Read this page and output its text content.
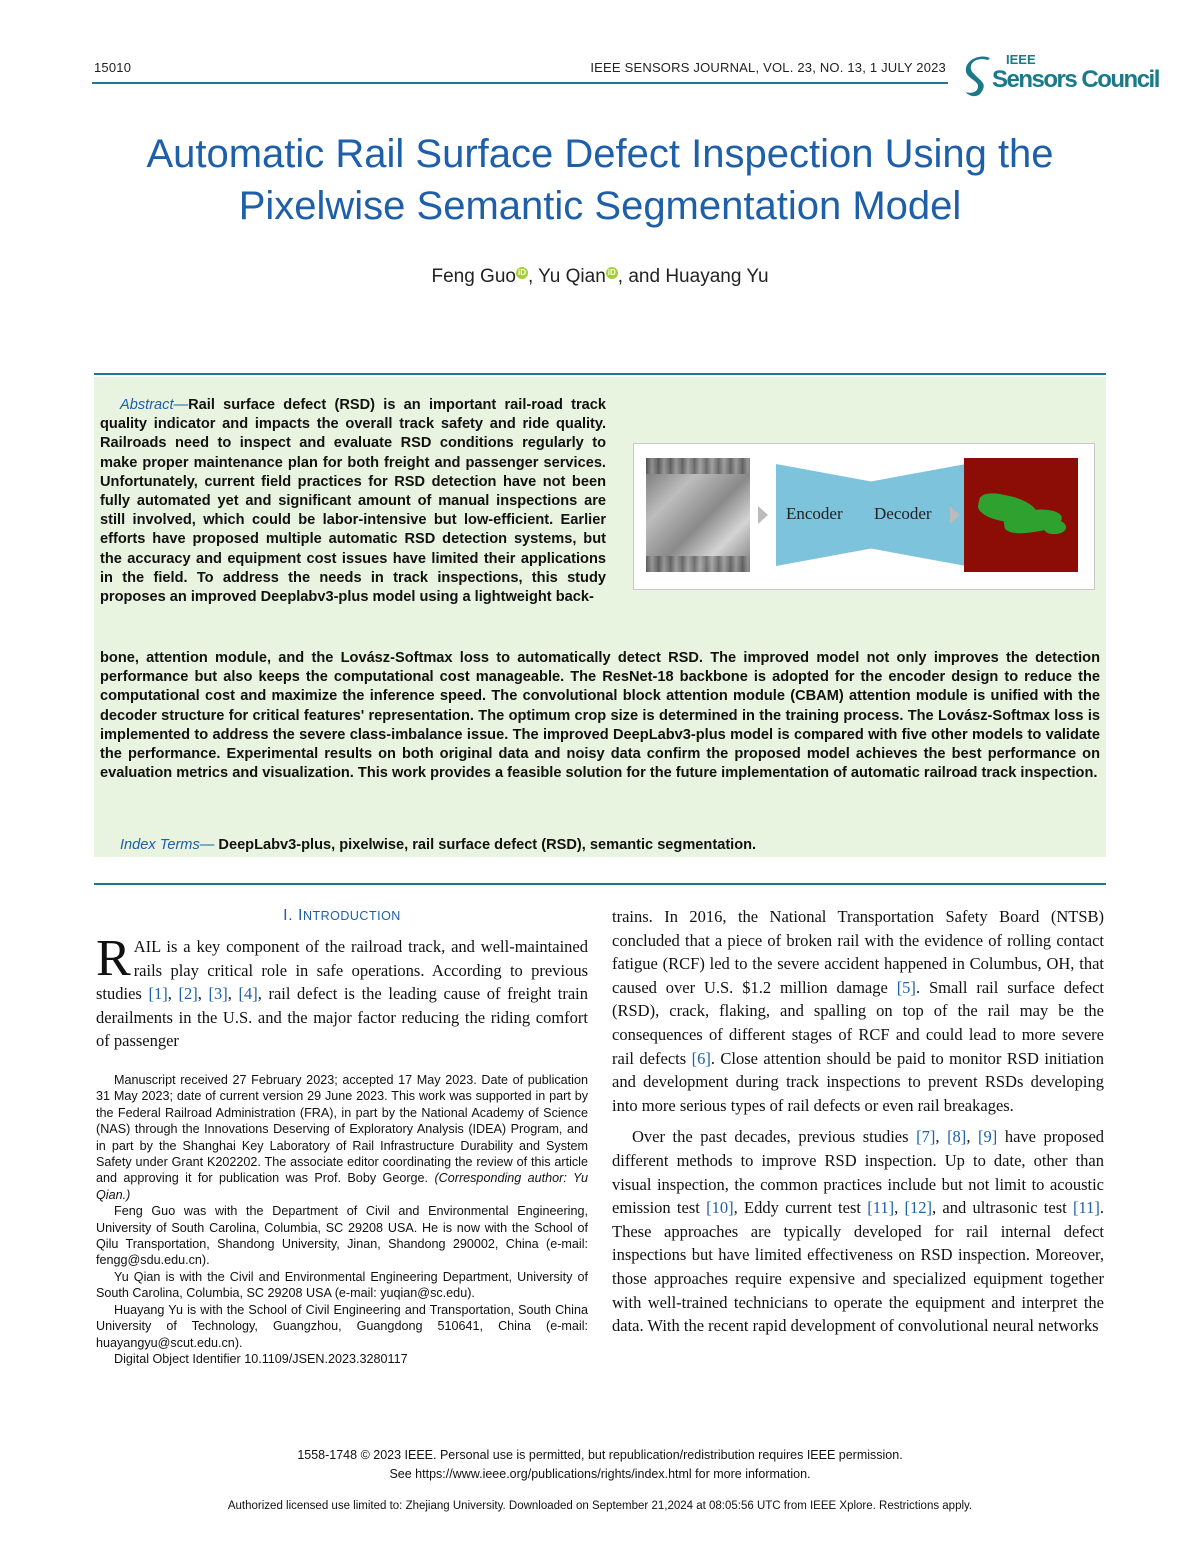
15010	IEEE SENSORS JOURNAL, VOL. 23, NO. 13, 1 JULY 2023
IEEE
Sensors Council
Automatic Rail Surface Defect Inspection Using the Pixelwise Semantic Segmentation Model
Feng Guo iD , Yu Qian iD , and Huayang Yu
Abstract—Rail surface defect (RSD) is an important rail-road track quality indicator and impacts the overall track safety and ride quality. Railroads need to inspect and evaluate RSD conditions regularly to make proper maintenance plan for both freight and passenger services. Unfortunately, current field practices for RSD detection have not been fully automated yet and significant amount of manual inspections are still involved, which could be labor-intensive but low-efficient. Earlier efforts have proposed multiple automatic RSD detection systems, but the accuracy and equipment cost issues have limited their applications in the field. To address the needs in track inspections, this study proposes an improved Deeplabv3-plus model using a lightweight back-
bone, attention module, and the Lovász-Softmax loss to automatically detect RSD. The improved model not only improves the detection performance but also keeps the computational cost manageable. The ResNet-18 backbone is adopted for the encoder design to reduce the computational cost and maximize the inference speed. The convolutional block attention module (CBAM) attention module is unified with the decoder structure for critical features' representation. The optimum crop size is determined in the training process. The Lovász-Softmax loss is implemented to address the severe class-imbalance issue. The improved DeepLabv3-plus model is compared with five other models to validate the performance. Experimental results on both original data and noisy data confirm the proposed model achieves the best performance on evaluation metrics and visualization. This work provides a feasible solution for the future implementation of automatic railroad track inspection.
Index Terms— DeepLabv3-plus, pixelwise, rail surface defect (RSD), semantic segmentation.
Encoder Decoder
I. INTRODUCTION
RAIL is a key component of the railroad track, and well-maintained rails play critical role in safe operations. According to previous studies [1], [2], [3], [4], rail defect is the leading cause of freight train derailments in the U.S. and the major factor reducing the riding comfort of passenger

Manuscript received 27 February 2023; accepted 17 May 2023. Date of publication 31 May 2023; date of current version 29 June 2023. This work was supported in part by the Federal Railroad Administration (FRA), in part by the National Academy of Science (NAS) through the Innovations Deserving of Exploratory Analysis (IDEA) Program, and in part by the Shanghai Key Laboratory of Rail Infrastructure Durability and System Safety under Grant K202202. The associate editor coordinating the review of this article and approving it for publication was Prof. Boby George. (Corresponding author: Yu Qian.)

Feng Guo was with the Department of Civil and Environmental Engineering, University of South Carolina, Columbia, SC 29208 USA. He is now with the School of Qilu Transportation, Shandong University, Jinan, Shandong 290002, China (e-mail: fengg@sdu.edu.cn).

Yu Qian is with the Civil and Environmental Engineering Department, University of South Carolina, Columbia, SC 29208 USA (e-mail: yuqian@sc.edu).

Huayang Yu is with the School of Civil Engineering and Transportation, South China University of Technology, Guangzhou, Guangdong 510641, China (e-mail: huayangyu@scut.edu.cn).

Digital Object Identifier 10.1109/JSEN.2023.3280117

trains. In 2016, the National Transportation Safety Board (NTSB) concluded that a piece of broken rail with the evidence of rolling contact fatigue (RCF) led to the severe accident happened in Columbus, OH, that caused over U.S. $1.2 million damage [5]. Small rail surface defect (RSD), crack, flaking, and spalling on top of the rail may be the consequences of different stages of RCF and could lead to more severe rail defects [6]. Close attention should be paid to monitor RSD initiation and development during track inspections to prevent RSDs developing into more serious types of rail defects or even rail breakages.
Over the past decades, previous studies [7], [8], [9] have proposed different methods to improve RSD inspection. Up to date, other than visual inspection, the common practices include but not limit to acoustic emission test [10], Eddy current test [11], [12], and ultrasonic test [11]. These approaches are typically developed for rail internal defect inspections but have limited effectiveness on RSD inspection. Moreover, those approaches require expensive and specialized equipment together with well-trained technicians to operate the equipment and interpret the data. With the recent rapid development of convolutional neural networks
1558-1748 © 2023 IEEE. Personal use is permitted, but republication/redistribution requires IEEE permission.
See https://www.ieee.org/publications/rights/index.html for more information.
Authorized licensed use limited to: Zhejiang University. Downloaded on September 21,2024 at 08:05:56 UTC from IEEE Xplore. Restrictions apply.
